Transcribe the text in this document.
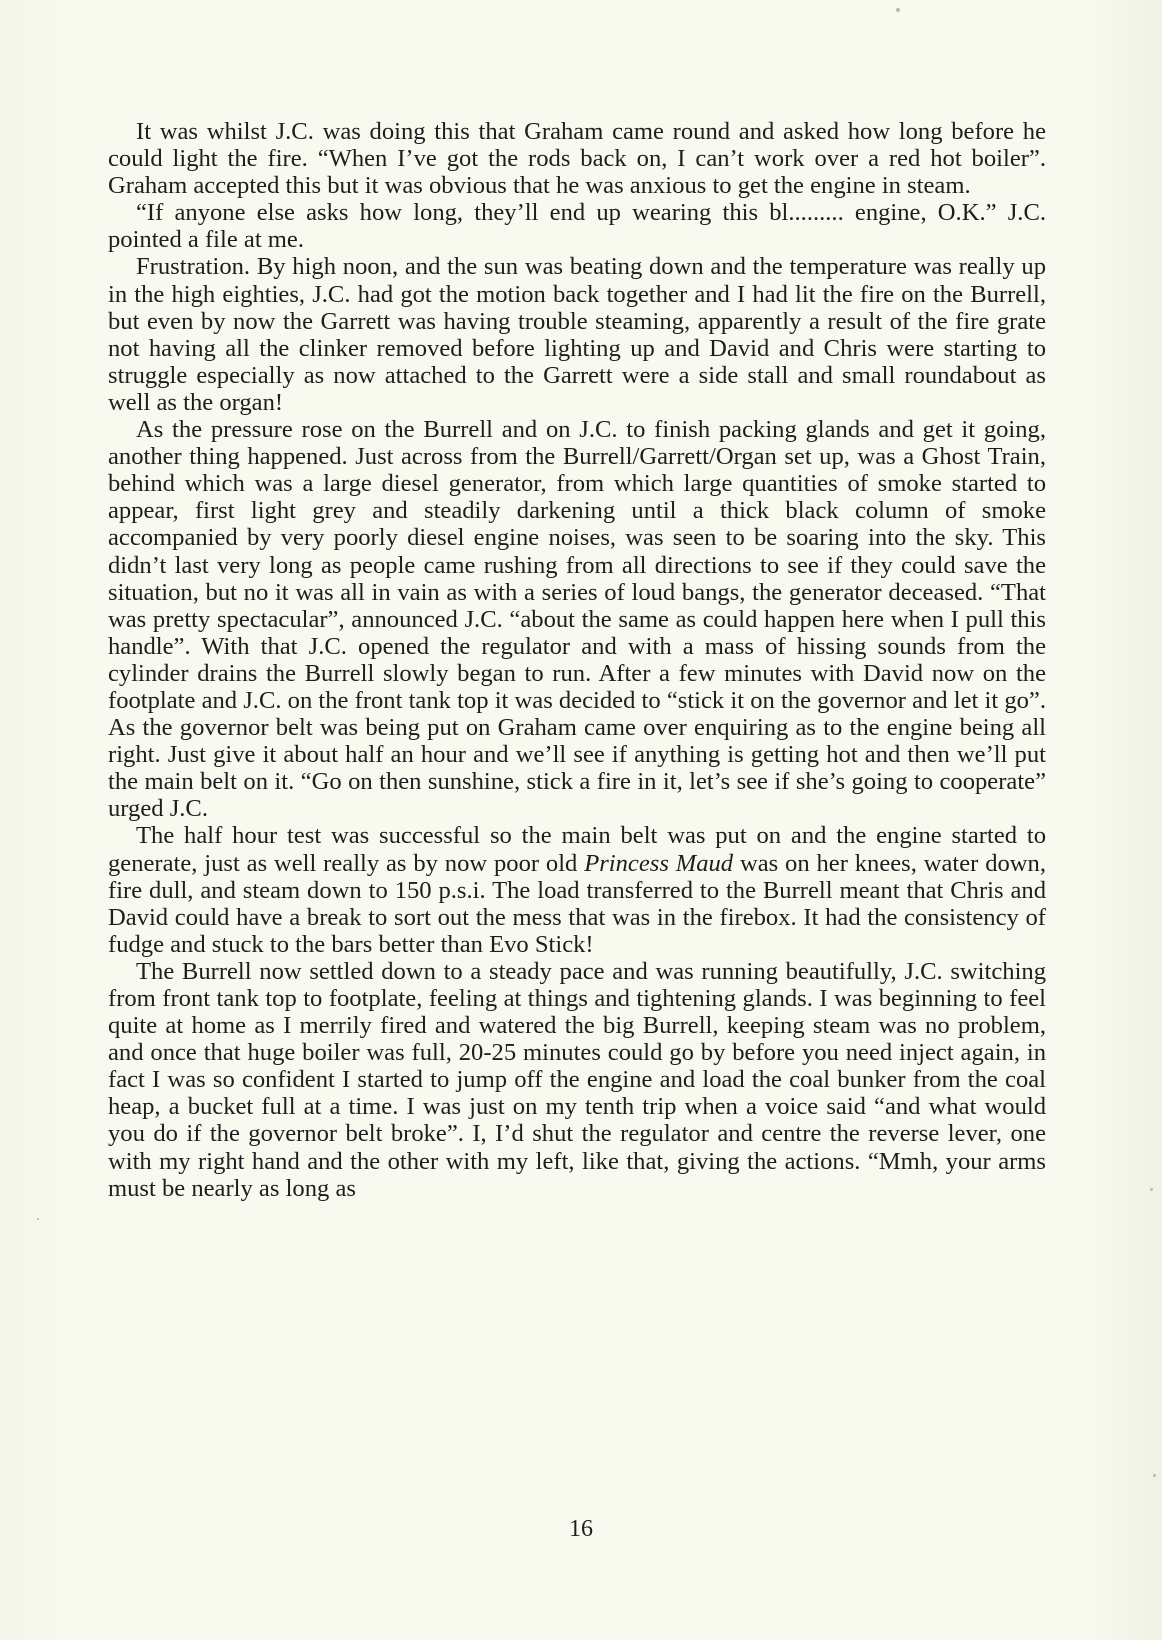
It was whilst J.C. was doing this that Graham came round and asked how long before he could light the fire. “When I’ve got the rods back on, I can’t work over a red hot boiler”. Graham accepted this but it was obvious that he was anxious to get the engine in steam.

“If anyone else asks how long, they’ll end up wearing this bl......... engine, O.K.” J.C. pointed a file at me.

Frustration. By high noon, and the sun was beating down and the temperature was really up in the high eighties, J.C. had got the motion back together and I had lit the fire on the Burrell, but even by now the Garrett was having trouble steaming, apparently a result of the fire grate not having all the clinker removed before lighting up and David and Chris were starting to struggle especially as now attached to the Garrett were a side stall and small roundabout as well as the organ!

As the pressure rose on the Burrell and on J.C. to finish packing glands and get it going, another thing happened. Just across from the Burrell/Garrett/Organ set up, was a Ghost Train, behind which was a large diesel generator, from which large quantities of smoke started to appear, first light grey and steadily darkening until a thick black column of smoke accompanied by very poorly diesel engine noises, was seen to be soaring into the sky. This didn’t last very long as people came rushing from all directions to see if they could save the situation, but no it was all in vain as with a series of loud bangs, the generator deceased. “That was pretty spectacular”, announced J.C. “about the same as could happen here when I pull this handle”. With that J.C. opened the regulator and with a mass of hissing sounds from the cylinder drains the Burrell slowly began to run. After a few minutes with David now on the footplate and J.C. on the front tank top it was decided to “stick it on the governor and let it go”. As the governor belt was being put on Graham came over enquiring as to the engine being all right. Just give it about half an hour and we’ll see if anything is getting hot and then we’ll put the main belt on it. “Go on then sunshine, stick a fire in it, let’s see if she’s going to cooperate” urged J.C.

The half hour test was successful so the main belt was put on and the engine started to generate, just as well really as by now poor old Princess Maud was on her knees, water down, fire dull, and steam down to 150 p.s.i. The load transferred to the Burrell meant that Chris and David could have a break to sort out the mess that was in the firebox. It had the consistency of fudge and stuck to the bars better than Evo Stick!

The Burrell now settled down to a steady pace and was running beautifully, J.C. switching from front tank top to footplate, feeling at things and tightening glands. I was beginning to feel quite at home as I merrily fired and watered the big Burrell, keeping steam was no problem, and once that huge boiler was full, 20-25 minutes could go by before you need inject again, in fact I was so confident I started to jump off the engine and load the coal bunker from the coal heap, a bucket full at a time. I was just on my tenth trip when a voice said “and what would you do if the governor belt broke”. I, I’d shut the regulator and centre the reverse lever, one with my right hand and the other with my left, like that, giving the actions. “Mmh, your arms must be nearly as long as

16
